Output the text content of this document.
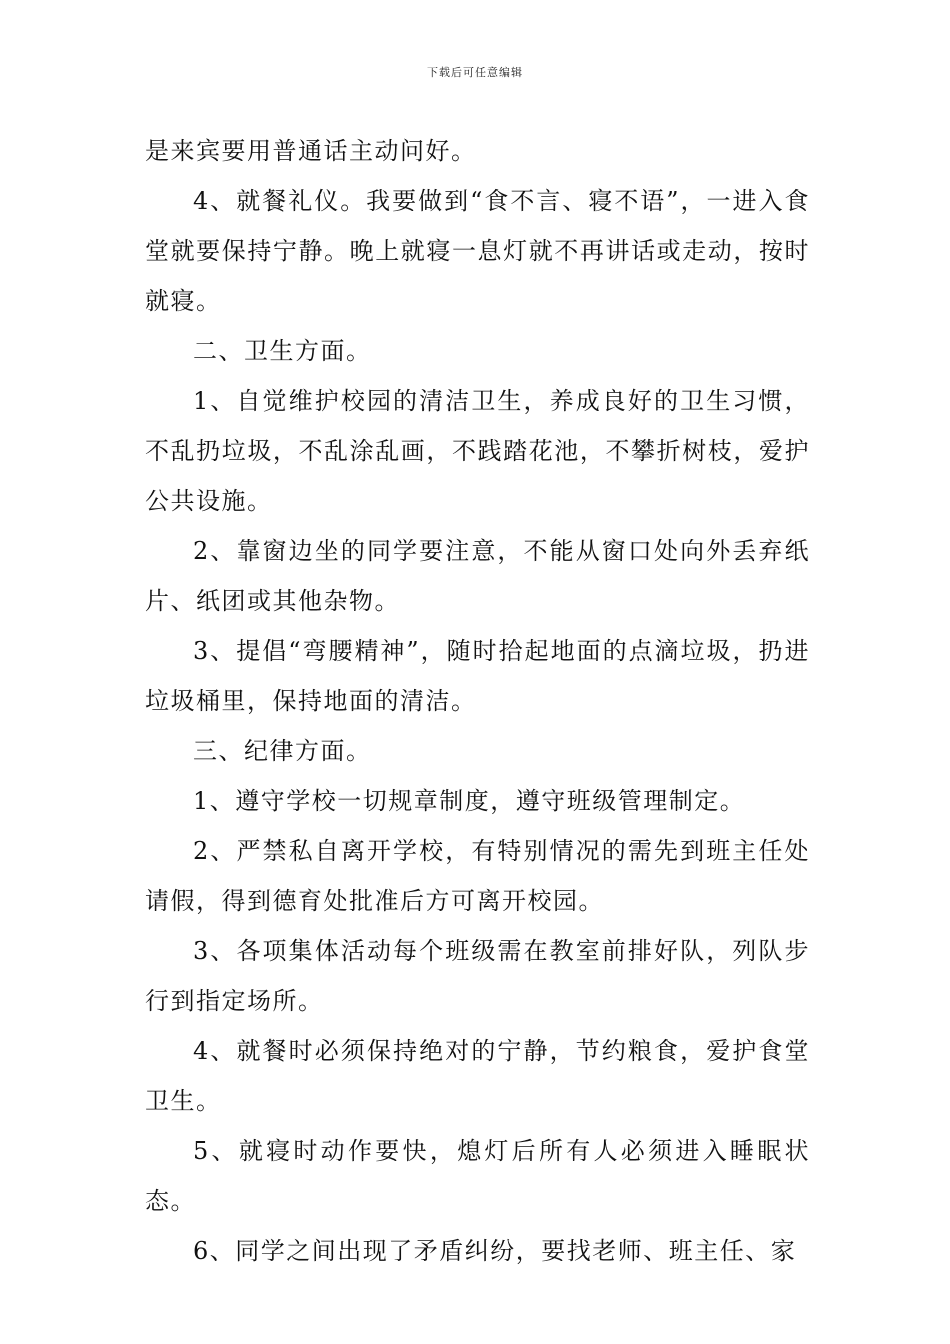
下载后可任意编辑

是来宾要用普通话主动问好。

4、就餐礼仪。我要做到“食不言、寝不语”，一进入食堂就要保持宁静。晚上就寝一息灯就不再讲话或走动，按时就寝。

二、卫生方面。

1、自觉维护校园的清洁卫生，养成良好的卫生习惯，不乱扔垃圾，不乱涂乱画，不践踏花池，不攀折树枝，爱护公共设施。

2、靠窗边坐的同学要注意，不能从窗口处向外丢弃纸片、纸团或其他杂物。

3、提倡“弯腰精神”，随时拾起地面的点滴垃圾，扔进垃圾桶里，保持地面的清洁。

三、纪律方面。

1、遵守学校一切规章制度，遵守班级管理制定。

2、严禁私自离开学校，有特别情况的需先到班主任处请假，得到德育处批准后方可离开校园。

3、各项集体活动每个班级需在教室前排好队，列队步行到指定场所。

4、就餐时必须保持绝对的宁静，节约粮食，爱护食堂卫生。

5、就寝时动作要快，熄灯后所有人必须进入睡眠状态。

6、同学之间出现了矛盾纠纷，要找老师、班主任、家
